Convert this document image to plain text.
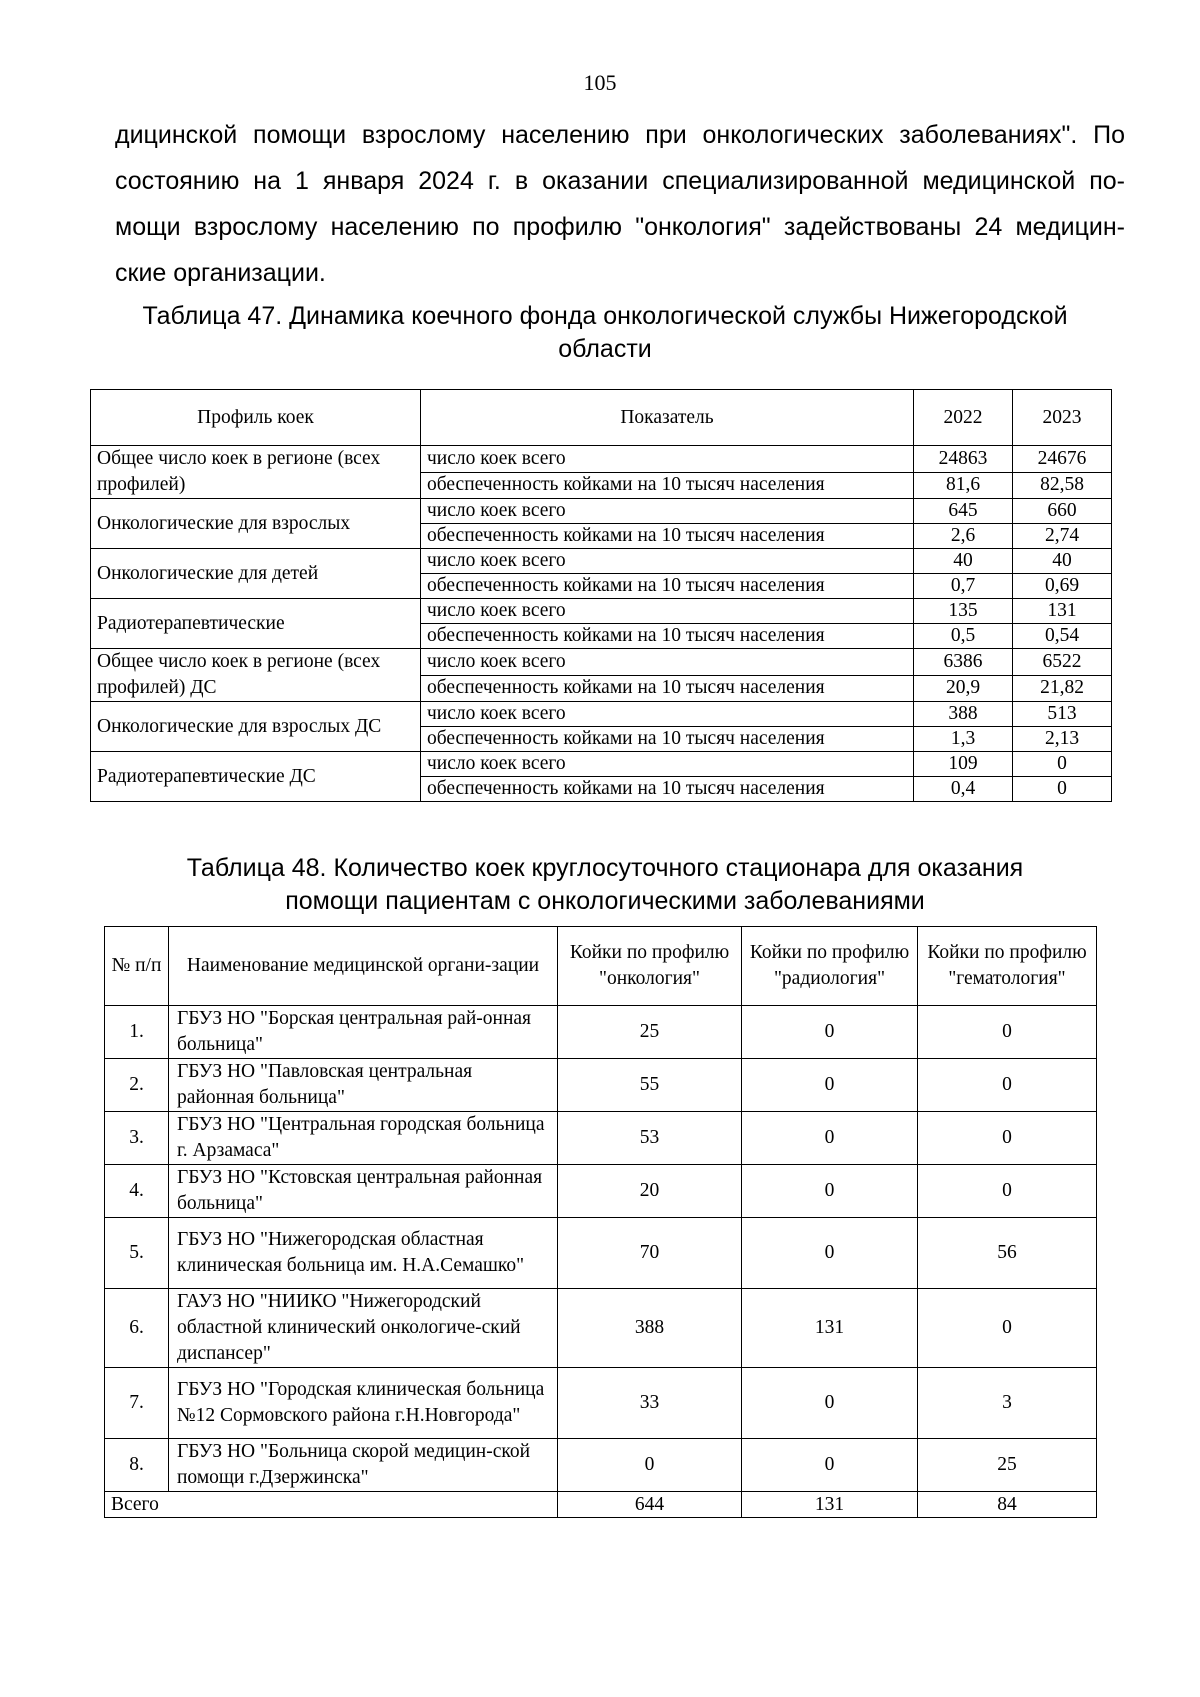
105
дицинской помощи взрослому населению при онкологических заболеваниях". По
состоянию на 1 января 2024 г. в оказании специализированной медицинской по-
мощи взрослому населению по профилю "онкология" задействованы 24 медицин-
ские организации.
Таблица 47. Динамика коечного фонда онкологической службы Нижегородской
области
Профиль коек	Показатель	2022	2023
Общее число коек в регионе (всех профилей)	число коек всего	24863	24676
	обеспеченность койками на 10 тысяч населения	81,6	82,58
Онкологические для взрослых	число коек всего	645	660
	обеспеченность койками на 10 тысяч населения	2,6	2,74
Онкологические для детей	число коек всего	40	40
	обеспеченность койками на 10 тысяч населения	0,7	0,69
Радиотерапевтические	число коек всего	135	131
	обеспеченность койками на 10 тысяч населения	0,5	0,54
Общее число коек в регионе (всех профилей) ДС	число коек всего	6386	6522
	обеспеченность койками на 10 тысяч населения	20,9	21,82
Онкологические для взрослых ДС	число коек всего	388	513
	обеспеченность койками на 10 тысяч населения	1,3	2,13
Радиотерапевтические ДС	число коек всего	109	0
	обеспеченность койками на 10 тысяч населения	0,4	0
Таблица 48. Количество коек круглосуточного стационара для оказания
помощи пациентам с онкологическими заболеваниями
№ п/п	Наименование медицинской органи-зации	Койки по профилю "онкология"	Койки по профилю "радиология"	Койки по профилю "гематология"
1.	ГБУЗ НО "Борская центральная рай-онная больница"	25	0	0
2.	ГБУЗ НО "Павловская центральная районная больница"	55	0	0
3.	ГБУЗ НО "Центральная городская больница г. Арзамаса"	53	0	0
4.	ГБУЗ НО "Кстовская центральная районная больница"	20	0	0
5.	ГБУЗ НО "Нижегородская областная клиническая больница им. Н.А.Семашко"	70	0	56
6.	ГАУЗ НО "НИИКО "Нижегородский областной клинический онкологиче-ский диспансер"	388	131	0
7.	ГБУЗ НО "Городская клиническая больница №12 Сормовского района г.Н.Новгорода"	33	0	3
8.	ГБУЗ НО "Больница скорой медицин-ской помощи г.Дзержинска"	0	0	25
Всего		644	131	84
